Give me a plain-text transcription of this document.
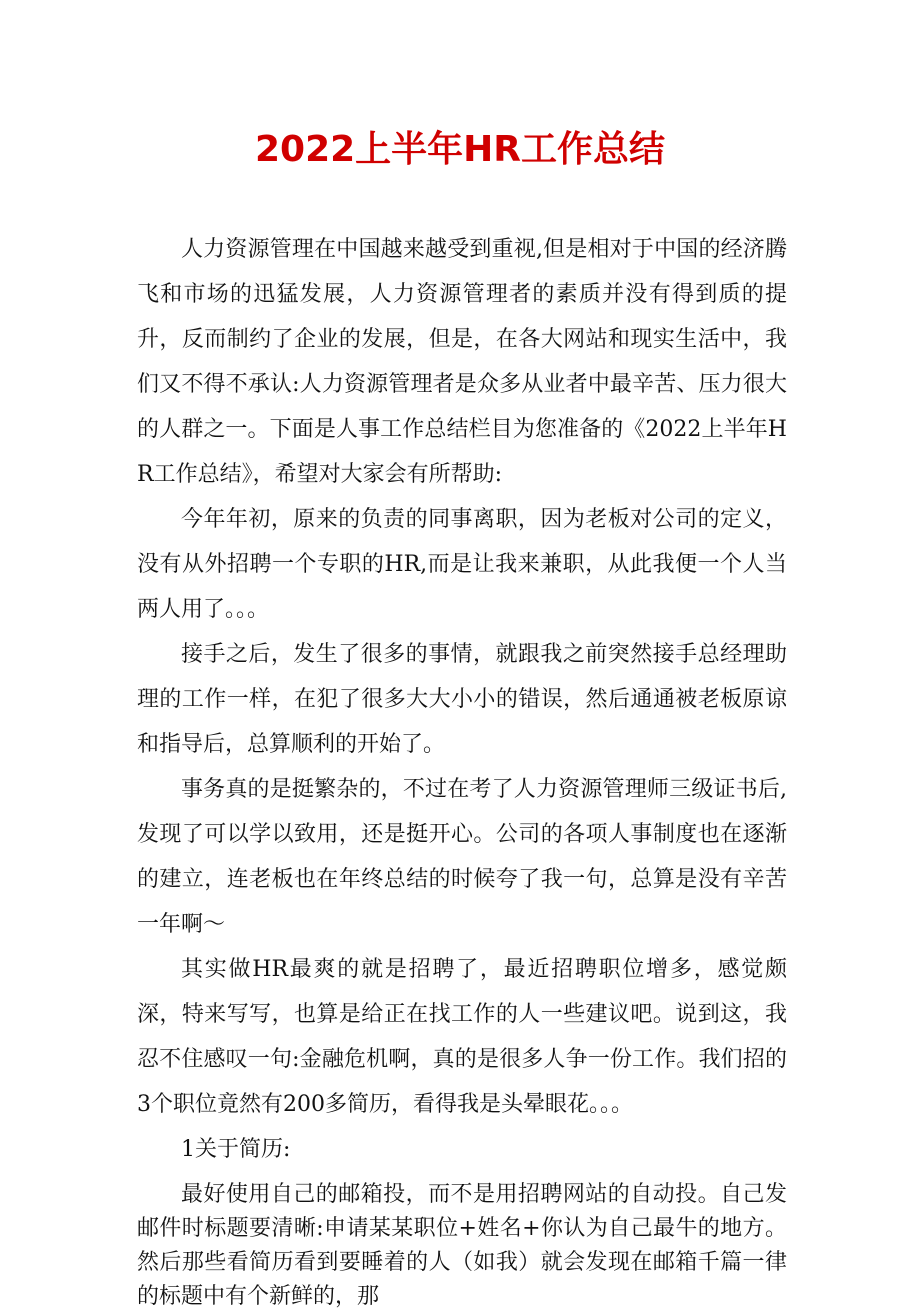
2022上半年HR工作总结

人力资源管理在中国越来越受到重视,但是相对于中国的经济腾飞和市场的迅猛发展，人力资源管理者的素质并没有得到质的提升，反而制约了企业的发展，但是，在各大网站和现实生活中，我们又不得不承认:人力资源管理者是众多从业者中最辛苦、压力很大的人群之一。下面是人事工作总结栏目为您准备的《2022上半年HR工作总结》，希望对大家会有所帮助:

今年年初，原来的负责的同事离职，因为老板对公司的定义，没有从外招聘一个专职的HR,而是让我来兼职，从此我便一个人当两人用了。。。

接手之后，发生了很多的事情，就跟我之前突然接手总经理助理的工作一样，在犯了很多大大小小的错误，然后通通被老板原谅和指导后，总算顺利的开始了。

事务真的是挺繁杂的，不过在考了人力资源管理师三级证书后,发现了可以学以致用，还是挺开心。公司的各项人事制度也在逐渐的建立，连老板也在年终总结的时候夸了我一句，总算是没有辛苦一年啊～

其实做HR最爽的就是招聘了，最近招聘职位增多，感觉颇深，特来写写，也算是给正在找工作的人一些建议吧。说到这，我忍不住感叹一句:金融危机啊，真的是很多人争一份工作。我们招的3个职位竟然有200多简历，看得我是头晕眼花。。。

1关于简历:

最好使用自己的邮箱投，而不是用招聘网站的自动投。自己发邮件时标题要清晰:申请某某职位+姓名+你认为自己最牛的地方。然后那些看简历看到要睡着的人（如我）就会发现在邮箱千篇一律的标题中有个新鲜的，那
